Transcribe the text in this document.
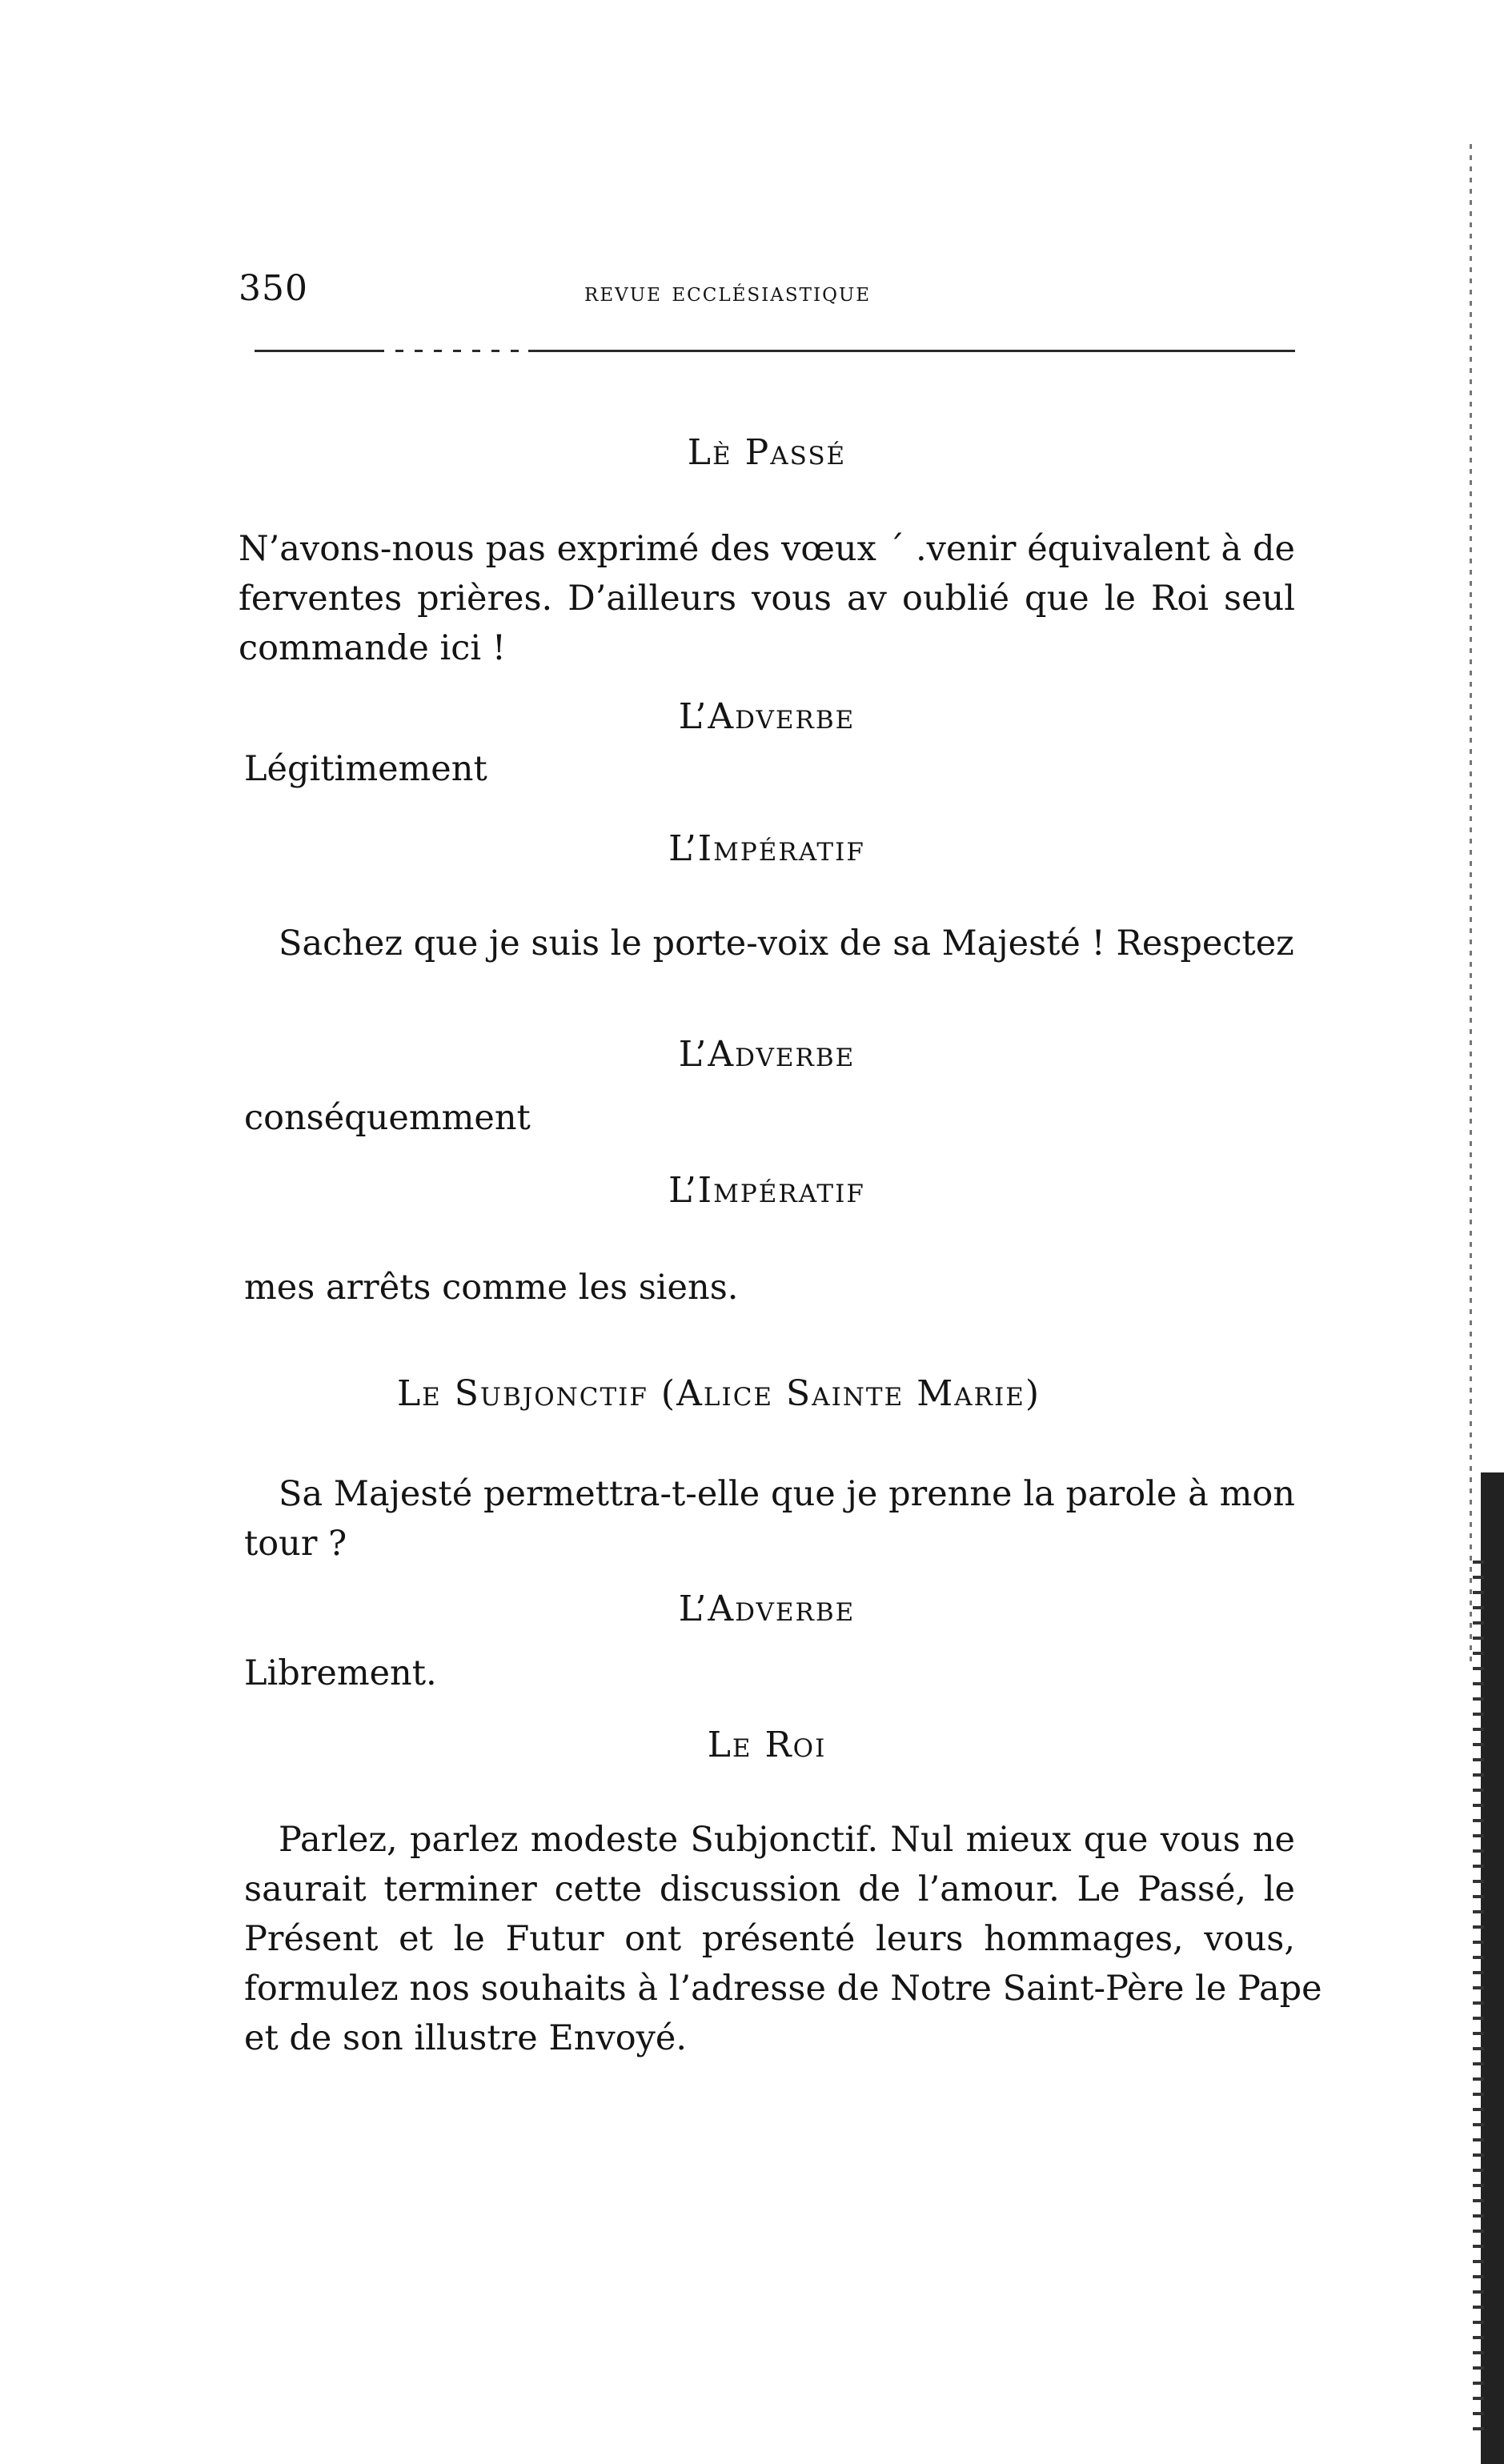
350	revue ecclésiastique
Lè Passé
N’avons-nous pas exprimé des vœux ´ .venir équivalent à de
ferventes prières. D’ailleurs vous av oublié que le Roi seul
commande ici !
L’Adverbe
Légitimement
L’Impératif
Sachez que je suis le porte-voix de sa Majesté ! Respectez
L’Adverbe
conséquemment
L’Impératif
mes arrêts comme les siens.
Le Subjonctif (Alice Sainte Marie)
Sa Majesté permettra-t-elle que je prenne la parole à mon
tour ?
L’Adverbe
Librement.
Le Roi
Parlez, parlez modeste Subjonctif. Nul mieux que vous ne
saurait terminer cette discussion de l’amour. Le Passé, le
Présent et le Futur ont présenté leurs hommages, vous,
formulez nos souhaits à l’adresse de Notre Saint-Père le Pape
et de son illustre Envoyé.
